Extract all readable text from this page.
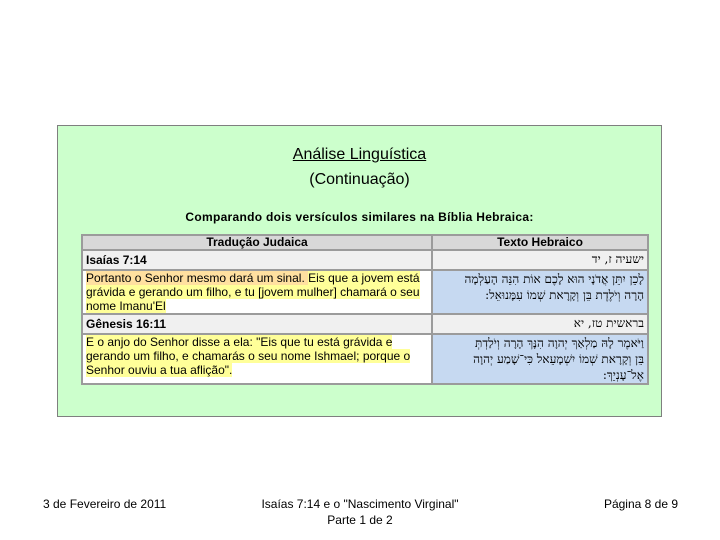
Análise Linguística
(Continuação)
Comparando dois versículos similares na Bíblia Hebraica:
Tradução Judaica	Texto Hebraico
Isaías 7:14	ישעיה ז, יד
Portanto o Senhor mesmo dará um sinal. Eis que a jovem está grávida e gerando um filho, e tu [jovem mulher] chamará o seu nome Imanu'El	לָכֵן יִתֵּן אֲדֹנָי הוּא לָכֶם אוֹת הִנֵּה הָעַלְמָה
הָרָה וְיֹלֶדֶת בֵּן וְקָרָאת שְׁמוֹ עִמָּנוּאֵל:

Gênesis 16:11	בראשית טז, יא
E o anjo do Senhor disse a ela: "Eis que tu está grávida e gerando um filho, e chamarás o seu nome Ishmael; porque o Senhor ouviu a tua aflição".	וַיֹּאמֶר לָהּ מַלְאַךְ יְהוָה הִנָּךְ הָרָה וְיֹלַדְתְּ
בֵּן וְקָרָאת שְׁמוֹ יִשְׁמָעֵאל כִּי־שָׁמַע יְהוָה
אֶל־עָנְיֵךְ:
3 de Fevereiro de 2011	Isaías 7:14 e o "Nascimento Virginal"
Parte 1 de 2
Página 8 de 9
